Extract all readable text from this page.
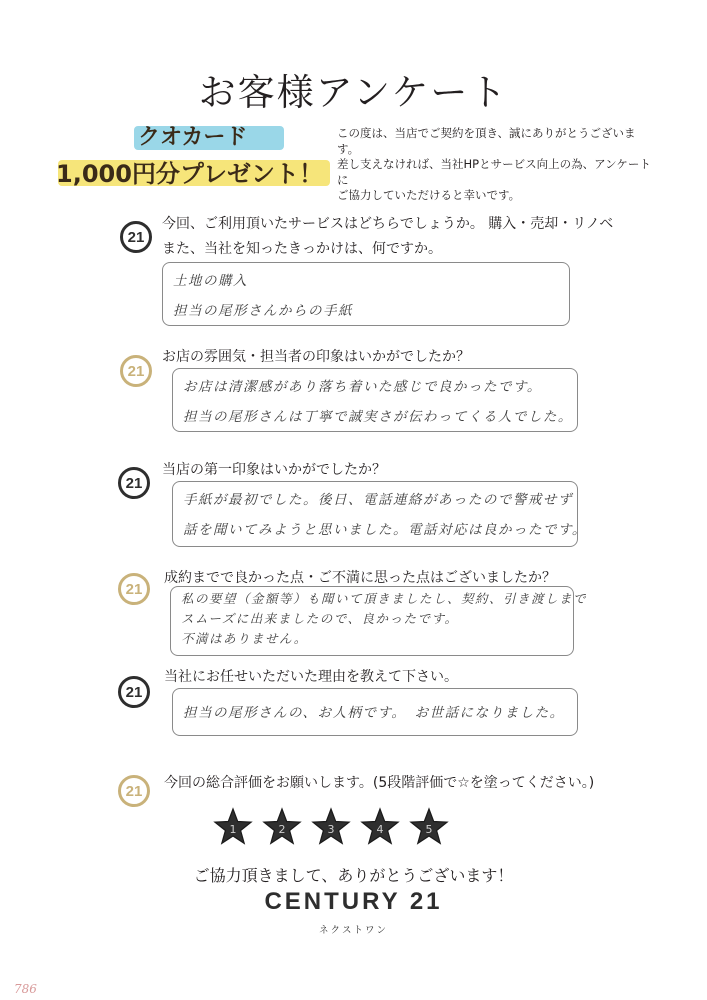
お客様アンケート
クオカード
1,000円分プレゼント！
この度は、当店でご契約を頂き、誠にありがとうございます。
差し支えなければ、当社HPとサービス向上の為、アンケートに
ご協力していただけると幸いです。
21
今回、ご利用頂いたサービスはどちらでしょうか。 購入・売却・リノベ
また、当社を知ったきっかけは、何ですか。
土地の購入
担当の尾形さんからの手紙
21
お店の雰囲気・担当者の印象はいかがでしたか？
お店は清潔感があり落ち着いた感じで良かったです。
担当の尾形さんは丁寧で誠実さが伝わってくる人でした。
21
当店の第一印象はいかがでしたか？
手紙が最初でした。後日、電話連絡があったので警戒せず
話を聞いてみようと思いました。電話対応は良かったです。
21
成約までで良かった点・ご不満に思った点はございましたか？
私の要望（金額等）も聞いて頂きましたし、契約、引き渡しまで
スムーズに出来ましたので、良かったです。
不満はありません。
21
当社にお任せいただいた理由を教えて下さい。
担当の尾形さんの、お人柄です。　お世話になりました。
21	今回の総合評価をお願いします。(5段階評価で☆を塗ってください。)
1	2	3	4	5
ご協力頂きまして、ありがとうございます！
CENTURY 21
ネクストワン
786
